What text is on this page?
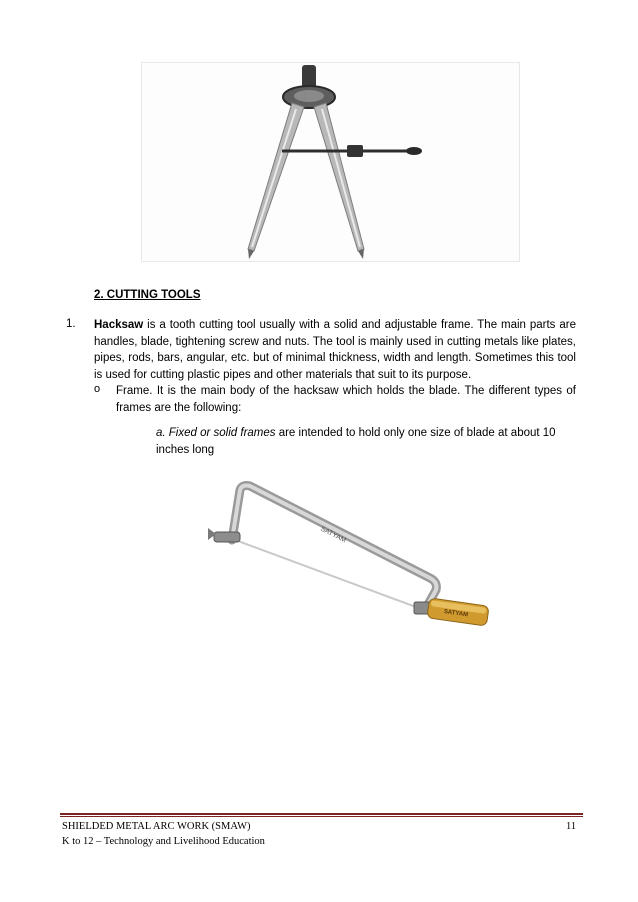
2. CUTTING TOOLS
1. Hacksaw is a tooth cutting tool usually with a solid and adjustable frame. The main parts are handles, blade, tightening screw and nuts. The tool is mainly used in cutting metals like plates, pipes, rods, bars, angular, etc. but of minimal thickness, width and length. Sometimes this tool is used for cutting plastic pipes and other materials that suit to its purpose.
o Frame. It is the main body of the hacksaw which holds the blade. The different types of frames are the following:
a. Fixed or solid frames are intended to hold only one size of blade at about 10 inches long
SATYAM
SATYAM
SHIELDED METAL ARC WORK (SMAW)
K to 12 – Technology and Livelihood Education
11
